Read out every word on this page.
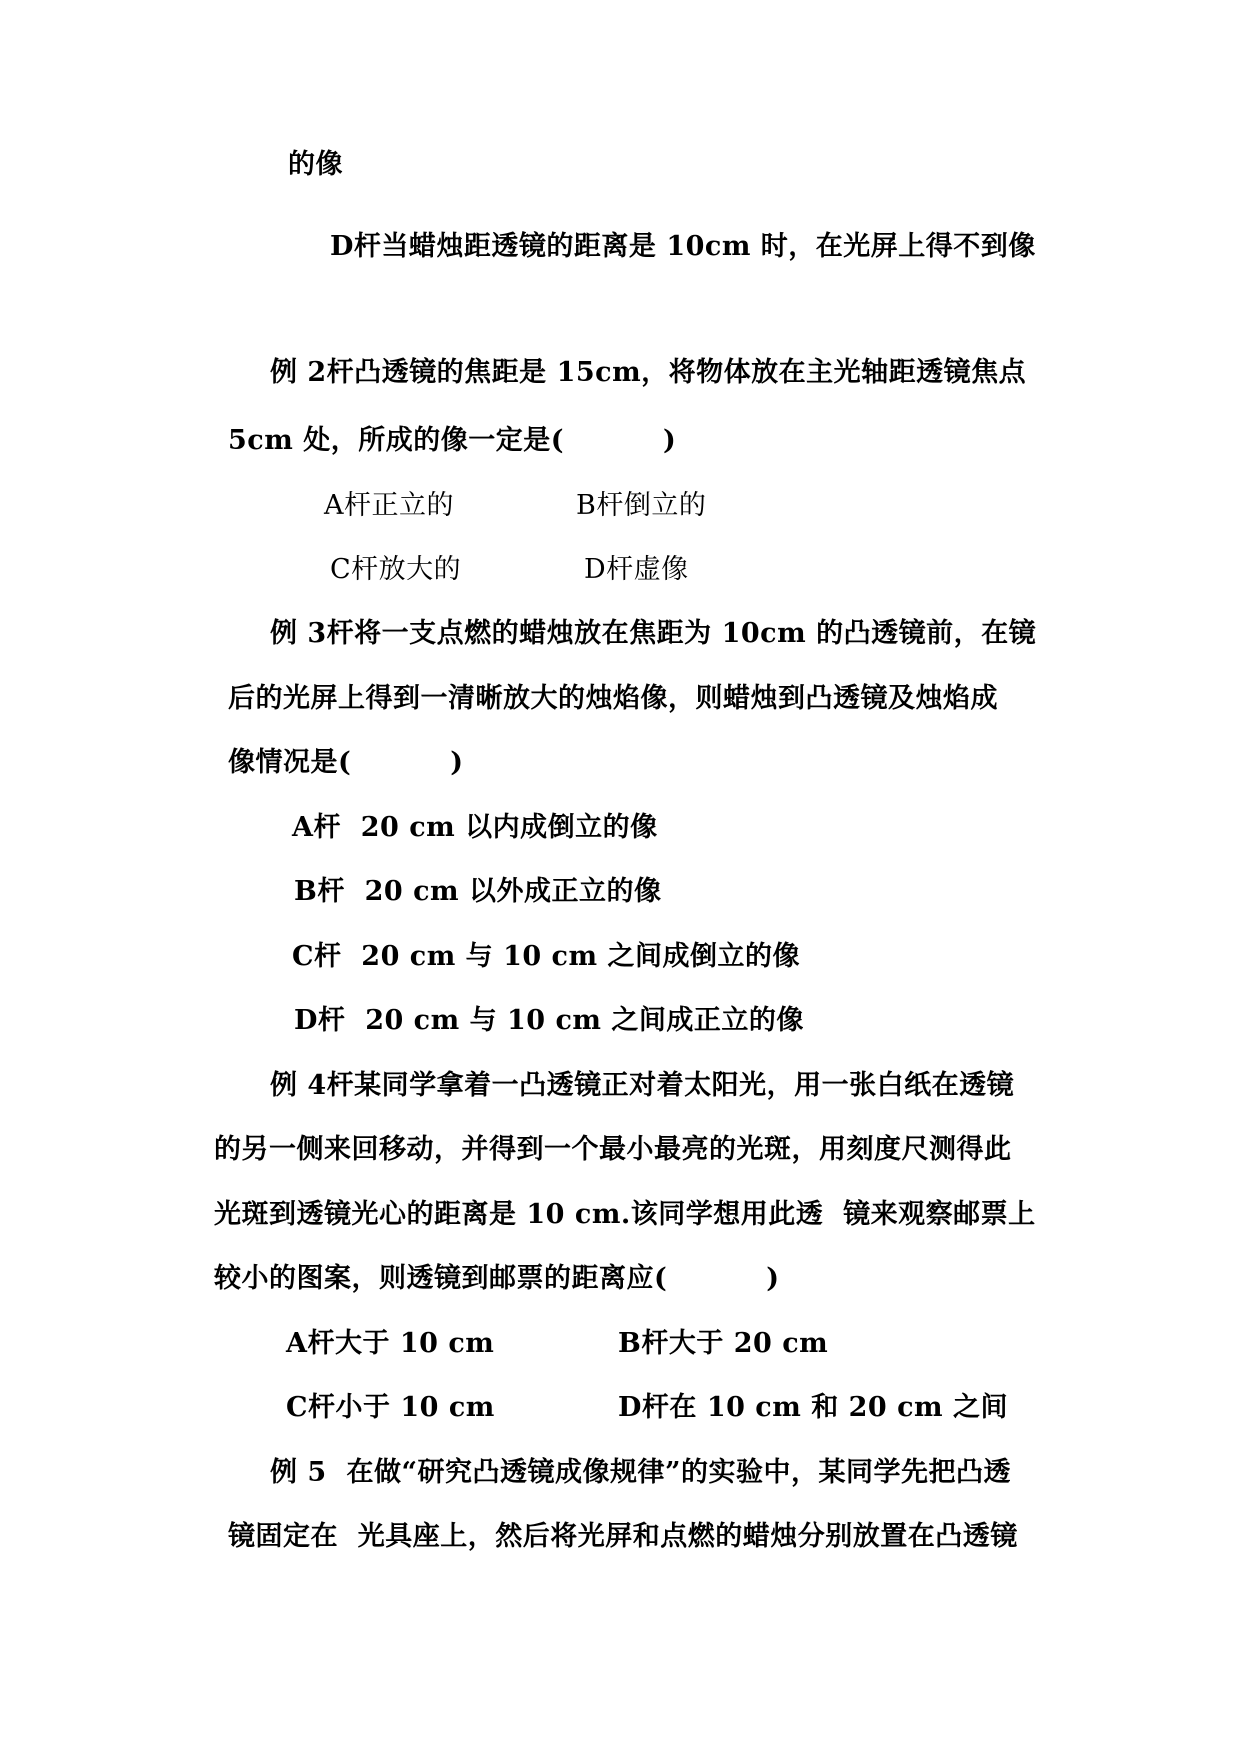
的像
D杆当蜡烛距透镜的距离是 10cm 时，在光屏上得不到像
例 2杆凸透镜的焦距是 15cm，将物体放在主光轴距透镜焦点
5cm 处，所成的像一定是(          )
A杆正立的	B杆倒立的
C杆放大的	D杆虚像
例 3杆将一支点燃的蜡烛放在焦距为 10cm 的凸透镜前，在镜
后的光屏上得到一清晰放大的烛焰像，则蜡烛到凸透镜及烛焰成
像情况是(          )
A杆  20 cm 以内成倒立的像
B杆  20 cm 以外成正立的像
C杆  20 cm 与 10 cm 之间成倒立的像
D杆  20 cm 与 10 cm 之间成正立的像
例 4杆某同学拿着一凸透镜正对着太阳光，用一张白纸在透镜
的另一侧来回移动，并得到一个最小最亮的光斑，用刻度尺测得此
光斑到透镜光心的距离是 10 cm.该同学想用此透  镜来观察邮票上
较小的图案，则透镜到邮票的距离应(          )
A杆大于 10 cm	B杆大于 20 cm
C杆小于 10 cm	D杆在 10 cm 和 20 cm 之间
例 5  在做“研究凸透镜成像规律”的实验中，某同学先把凸透
镜固定在  光具座上，然后将光屏和点燃的蜡烛分别放置在凸透镜
